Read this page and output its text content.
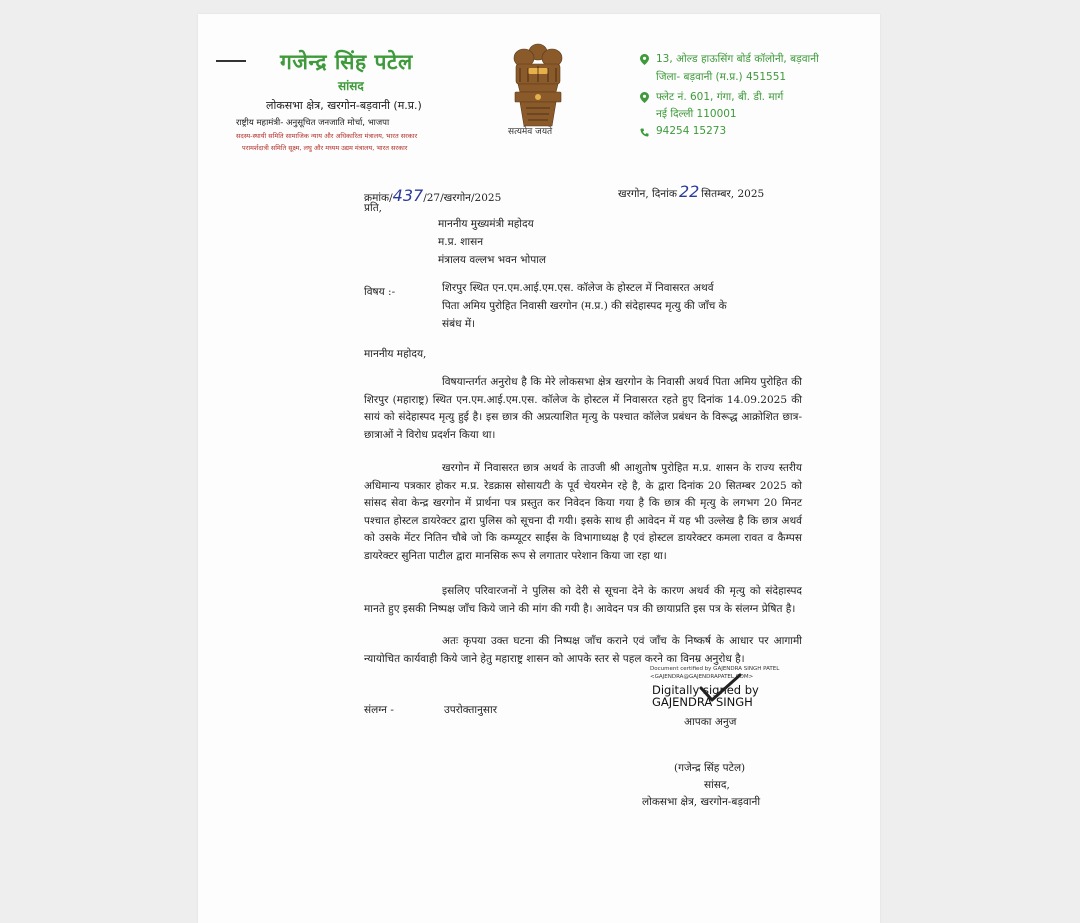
गजेन्द्र सिंह पटेल
सांसद
लोकसभा क्षेत्र, खरगोन-बड़वानी (म.प्र.)
राष्ट्रीय महामंत्री- अनुसूचित जनजाति मोर्चा, भाजपा
सदस्य-स्थायी समिति सामाजिक न्याय और अधिकारिता मंत्रालय, भारत सरकार
परामर्शदात्री समिति सूक्ष्म, लघु और मध्यम उद्यम मंत्रालय, भारत सरकार
सत्यमेव जयते
13, ओल्ड हाऊसिंग बोर्ड कॉलोनी, बड़वानी
जिला- बड़वानी (म.प्र.) 451551
फ्लेट नं. 601, गंगा, बी. डी. मार्ग
नई दिल्ली 110001
94254 15273
क्रमांक/437/27/खरगोन/2025	खरगोन, दिनांक 22 सितम्बर, 2025
प्रति,
माननीय मुख्यमंत्री महोदय
म.प्र. शासन
मंत्रालय वल्लभ भवन भोपाल
विषय :-	शिरपुर स्थित एन.एम.आई.एम.एस. कॉलेज के होस्टल में निवासरत अथर्व
पिता अमिय पुरोहित निवासी खरगोन (म.प्र.) की संदेहास्पद मृत्यु की जाँच के
संबंध में।
माननीय महोदय,
विषयान्तर्गत अनुरोध है कि मेरे लोकसभा क्षेत्र खरगोन के निवासी अथर्व पिता अमिय पुरोहित की शिरपुर (महाराष्ट्र) स्थित एन.एम.आई.एम.एस. कॉलेज के होस्टल में निवासरत रहते हुए दिनांक 14.09.2025 की सायं को संदेहास्पद मृत्यु हुई है। इस छात्र की अप्रत्याशित मृत्यु के पश्चात कॉलेज प्रबंधन के विरूद्ध आक्रोशित छात्र-छात्राओं ने विरोध प्रदर्शन किया था।
खरगोन में निवासरत छात्र अथर्व के ताउजी श्री आशुतोष पुरोहित म.प्र. शासन के राज्य स्तरीय अधिमान्य पत्रकार होकर म.प्र. रेडक्रास सोसायटी के पूर्व चेयरमेन रहे है, के द्वारा दिनांक 20 सितम्बर 2025 को सांसद सेवा केन्द्र खरगोन में प्रार्थना पत्र प्रस्तुत कर निवेदन किया गया है कि छात्र की मृत्यु के लगभग 20 मिनट पश्चात होस्टल डायरेक्टर द्वारा पुलिस को सूचना दी गयी। इसके साथ ही आवेदन में यह भी उल्लेख है कि छात्र अथर्व को उसके मेंटर नितिन चौबे जो कि कम्प्यूटर साईंस के विभागाध्यक्ष है एवं होस्टल डायरेक्टर कमला रावत व कैम्पस डायरेक्टर सुनिता पाटील द्वारा मानसिक रूप से लगातार परेशान किया जा रहा था।
इसलिए परिवारजनों ने पुलिस को देरी से सूचना देने के कारण अथर्व की मृत्यु को संदेहास्पद मानते हुए इसकी निष्पक्ष जाँच किये जाने की मांग की गयी है। आवेदन पत्र की छायाप्रति इस पत्र के संलग्न प्रेषित है।
अतः कृपया उक्त घटना की निष्पक्ष जाँच कराने एवं जाँच के निष्कर्ष के आधार पर आगामी न्यायोचित कार्यवाही किये जाने हेतु महाराष्ट्र शासन को आपके स्तर से पहल करने का विनम्र अनुरोध है।
संलग्न -	उपरोक्तानुसार
Document certified by GAJENDRA SINGH PATEL
<GAJENDRA@GAJENDRAPATEL.COM>
Digitally signed by
GAJENDRA SINGH
आपका अनुज
(गजेन्द्र सिंह पटेल)
सांसद,
लोकसभा क्षेत्र, खरगोन-बड़वानी
